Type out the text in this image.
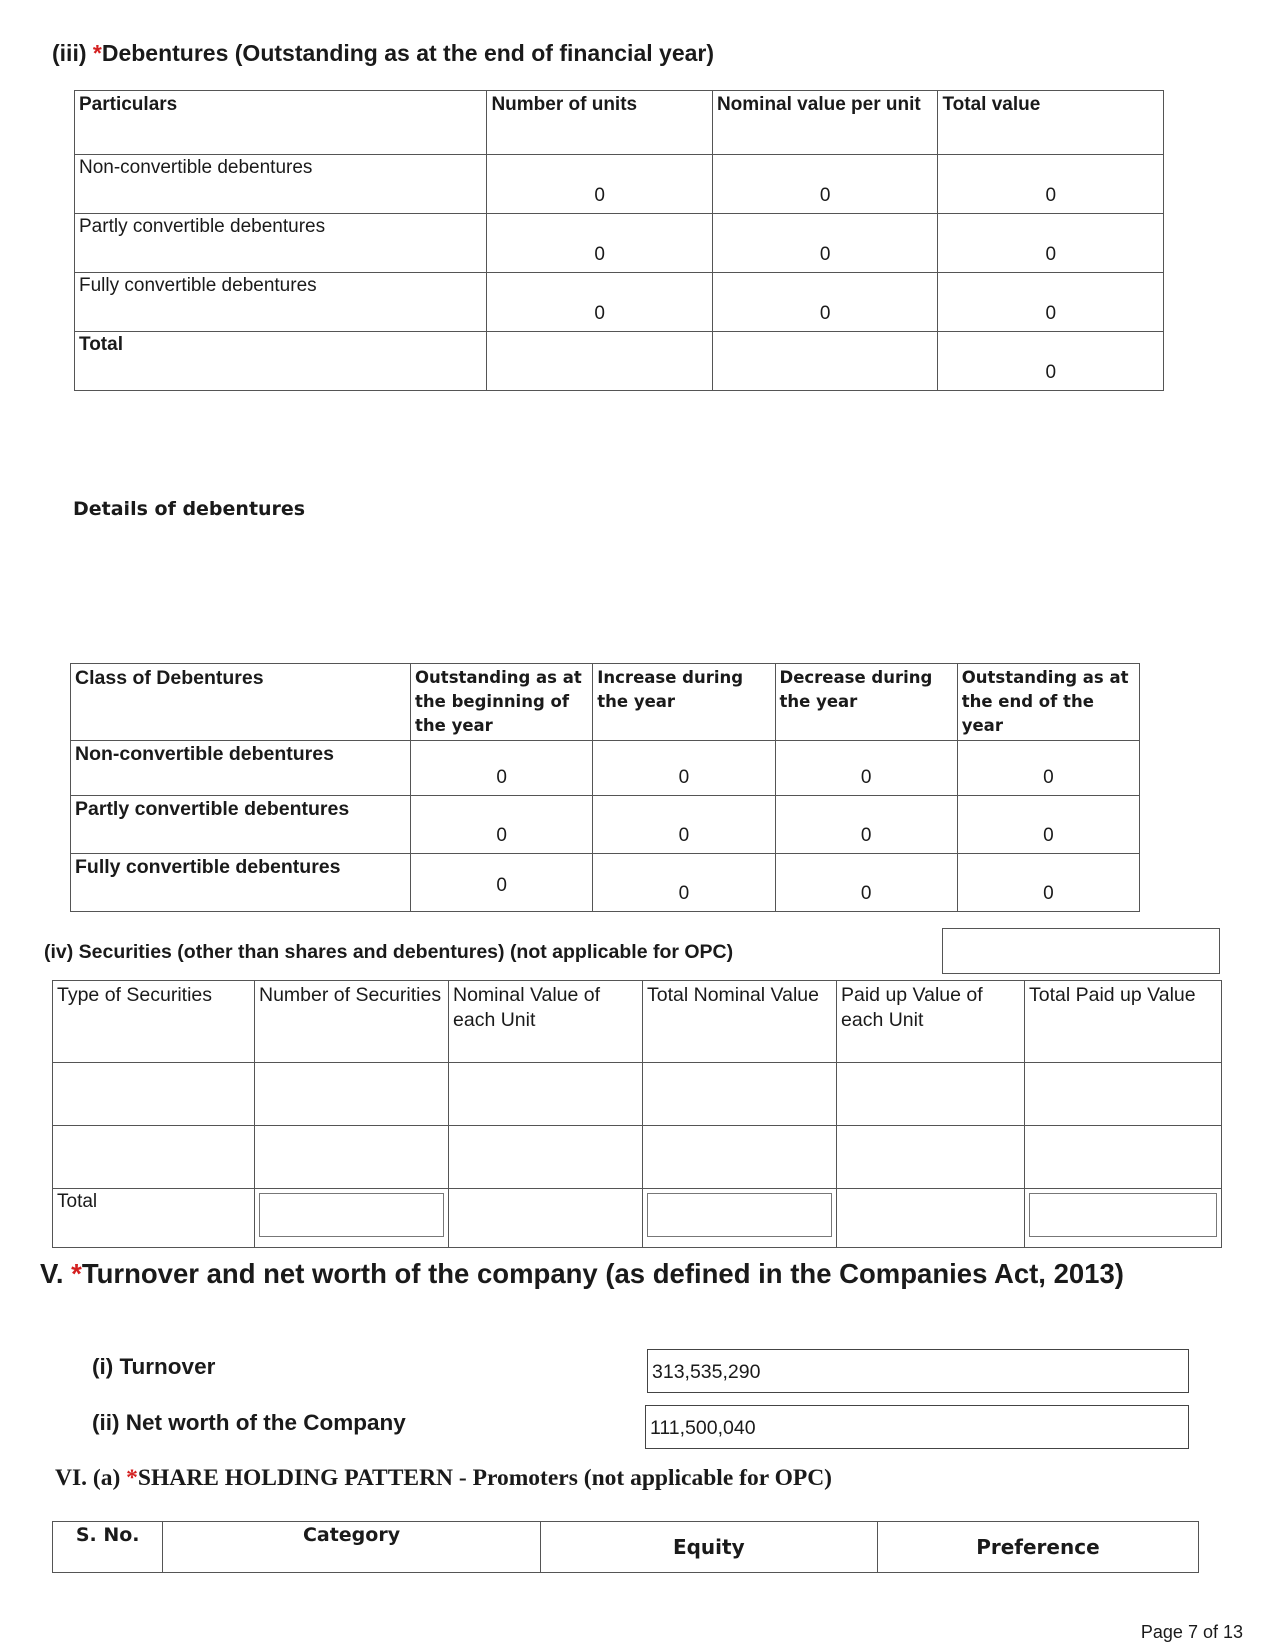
(iii) *Debentures (Outstanding as at the end of financial year)
Particulars	Number of units	Nominal value per unit	Total value
Non-convertible debentures	0	0	0
Partly convertible debentures	0	0	0
Fully convertible debentures	0	0	0
Total			0
Details of debentures
Class of Debentures	Outstanding as at the beginning of the year	Increase during the year	Decrease during the year	Outstanding as at the end of the year
Non-convertible debentures	0	0	0	0
Partly convertible debentures	0	0	0	0
Fully convertible debentures	0	0	0	0
(iv) Securities (other than shares and debentures) (not applicable for OPC)
Type of Securities	Number of Securities	Nominal Value of each Unit	Total Nominal Value	Paid up Value of each Unit	Total Paid up Value

Total	

V. *Turnover and net worth of the company (as defined in the Companies Act, 2013)
(i) Turnover	313,535,290
(ii) Net worth of the Company	111,500,040
VI. (a) *SHARE HOLDING PATTERN - Promoters (not applicable for OPC)
S. No.	Category	Equity	Preference
Page 7 of 13
